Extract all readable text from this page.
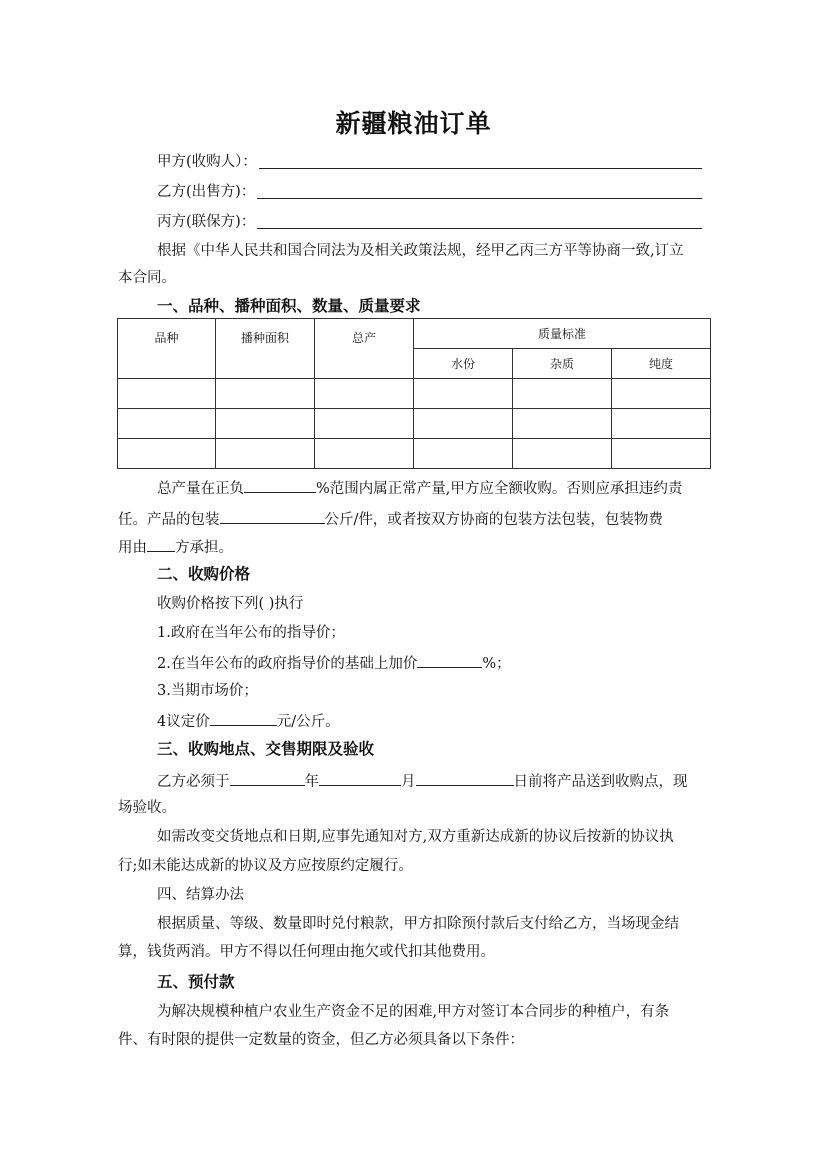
新疆粮油订单
甲方(收购人）：
乙方(出售方)：
丙方(联保方)：
根据《中华人民共和国合同法为及相关政策法规，经甲乙丙三方平等协商一致,订立
本合同。
一、品种、播种面积、数量、质量要求
品种	播种面积	总产	质量标准		
			水份	杂质	纯度

总产量在正负	%范围内属正常产量,甲方应全额收购。否则应承担违约责
任。产品的包装	公斤/件，或者按双方协商的包装方法包装，包装物费
用由 方承担。
二、收购价格
收购价格按下列( )执行
1.政府在当年公布的指导价；
2.在当年公布的政府指导价的基础上加价	%；
3.当期市场价；
4议定价	元/公斤。
三、收购地点、交售期限及验收
乙方必须于	年	月	日前将产品送到收购点，现
场验收。
如需改变交货地点和日期,应事先通知对方,双方重新达成新的协议后按新的协议执
行;如未能达成新的协议及方应按原约定履行。
四、结算办法
根据质量、等级、数量即时兑付粮款，甲方扣除预付款后支付给乙方，当场现金结
算，钱货两消。甲方不得以任何理由拖欠或代扣其他费用。
五、预付款
为解决规模种植户农业生产资金不足的困难,甲方对签订本合同步的种植户，有条
件、有时限的提供一定数量的资金，但乙方必须具备以下条件：
